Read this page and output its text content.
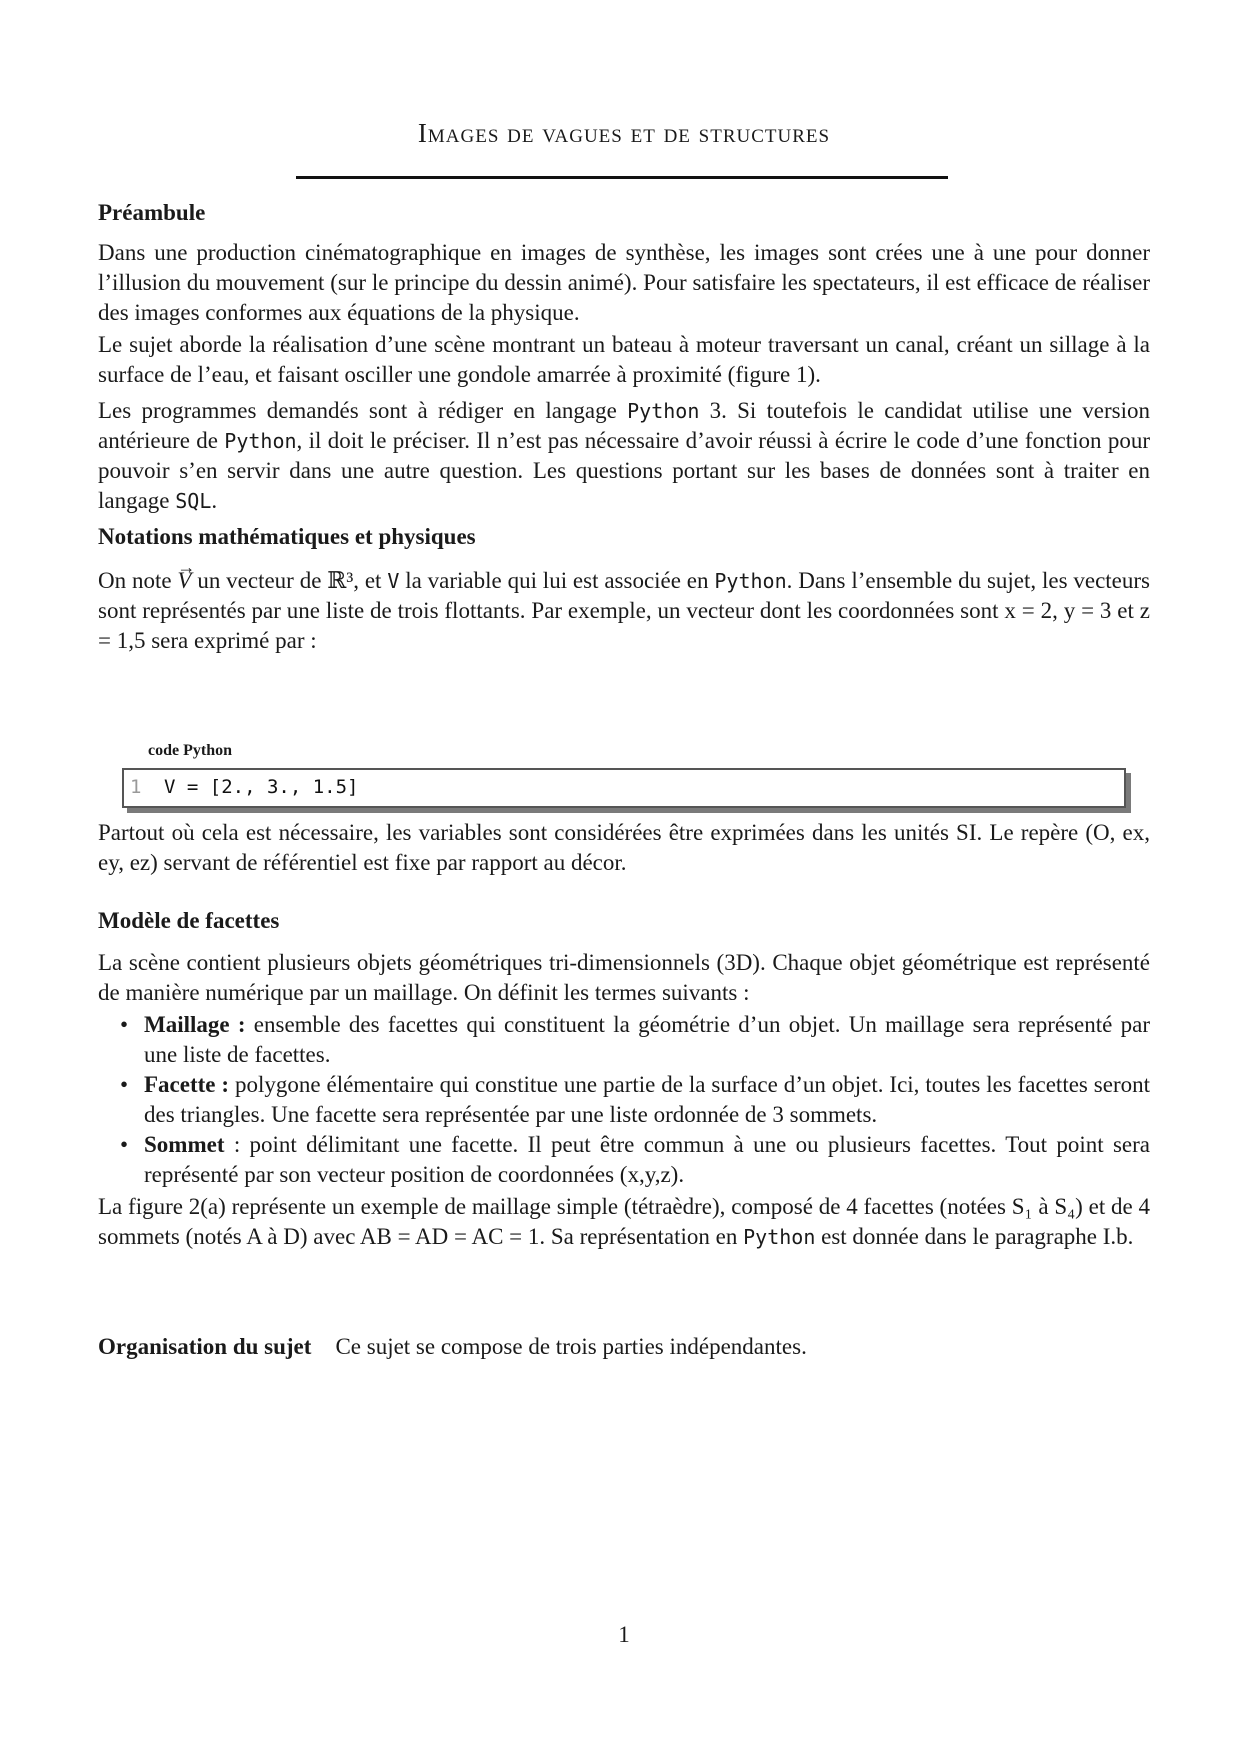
Images de vagues et de structures
Préambule

Dans une production cinématographique en images de synthèse, les images sont crées une à une pour donner l’illusion du mouvement (sur le principe du dessin animé). Pour satisfaire les spectateurs, il est efficace de réaliser des images conformes aux équations de la physique.

Le sujet aborde la réalisation d’une scène montrant un bateau à moteur traversant un canal, créant un sillage à la surface de l’eau, et faisant osciller une gondole amarrée à proximité (figure 1).

Les programmes demandés sont à rédiger en langage Python 3. Si toutefois le candidat utilise une version antérieure de Python, il doit le préciser. Il n’est pas nécessaire d’avoir réussi à écrire le code d’une fonction pour pouvoir s’en servir dans une autre question. Les questions portant sur les bases de données sont à traiter en langage SQL.

Notations mathématiques et physiques

On note → V un vecteur de ℝ³, et V la variable qui lui est associée en Python. Dans l’ensemble du sujet, les vecteurs sont représentés par une liste de trois flottants. Par exemple, un vecteur dont les coordonnées sont x = 2, y = 3 et z = 1,5 sera exprimé par :

code Python
1 V = [2., 3., 1.5]

Partout où cela est nécessaire, les variables sont considérées être exprimées dans les unités SI. Le repère (O, ex, ey, ez) servant de référentiel est fixe par rapport au décor.

Modèle de facettes

La scène contient plusieurs objets géométriques tri-dimensionnels (3D). Chaque objet géométrique est représenté de manière numérique par un maillage. On définit les termes suivants :

• Maillage : ensemble des facettes qui constituent la géométrie d’un objet. Un maillage sera représenté par une liste de facettes.
• Facette : polygone élémentaire qui constitue une partie de la surface d’un objet. Ici, toutes les facettes seront des triangles. Une facette sera représentée par une liste ordonnée de 3 sommets.
• Sommet : point délimitant une facette. Il peut être commun à une ou plusieurs facettes. Tout point sera représenté par son vecteur position de coordonnées (x,y,z).

La figure 2(a) représente un exemple de maillage simple (tétraèdre), composé de 4 facettes (notées S₁ à S₄) et de 4 sommets (notés A à D) avec AB = AD = AC = 1. Sa représentation en Python est donnée dans le paragraphe I.b.

Organisation du sujet Ce sujet se compose de trois parties indépendantes.
1
